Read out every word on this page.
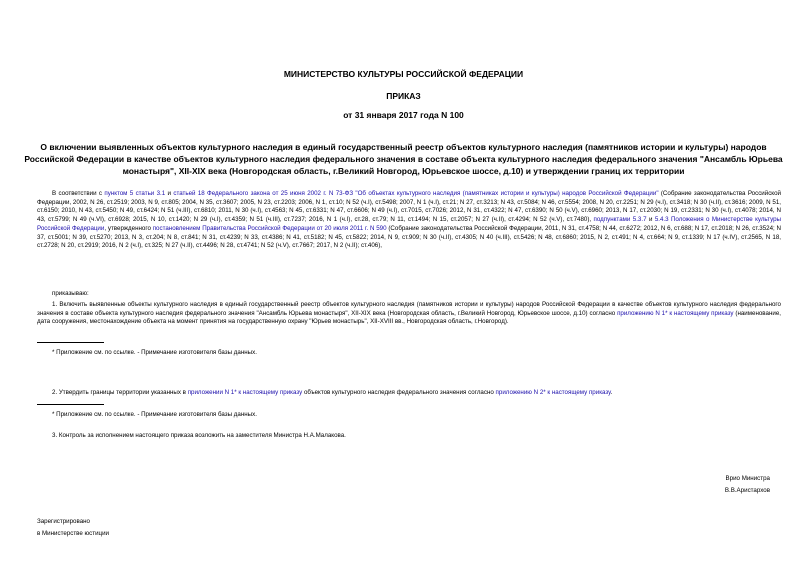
МИНИСТЕРСТВО КУЛЬТУРЫ РОССИЙСКОЙ ФЕДЕРАЦИИ
ПРИКАЗ
от 31 января 2017 года N 100
О включении выявленных объектов культурного наследия в единый государственный реестр объектов культурного наследия (памятников истории и культуры) народов Российской Федерации в качестве объектов культурного наследия федерального значения в составе объекта культурного наследия федерального значения "Ансамбль Юрьева монастыря", XII-XIX века (Новгородская область, г.Великий Новгород, Юрьевское шоссе, д.10) и утверждении границ их территории
В соответствии с пунктом 5 статьи 3.1 и статьей 18 Федерального закона от 25 июня 2002 г. N 73-ФЗ "Об объектах культурного наследия (памятниках истории и культуры) народов Российской Федерации" (Собрание законодательства Российской Федерации, 2002, N 26, ст.2519; 2003, N 9, ст.805; 2004, N 35, ст.3607; 2005, N 23, ст.2203; 2006, N 1, ст.10; N 52 (ч.I), ст.5498; 2007, N 1 (ч.I), ст.21; N 27, ст.3213; N 43, ст.5084; N 46, ст.5554; 2008, N 20, ст.2251; N 29 (ч.I), ст.3418; N 30 (ч.II), ст.3616; 2009, N 51, ст.6150; 2010, N 43, ст.5450; N 49, ст.6424; N 51 (ч.III), ст.6810; 2011, N 30 (ч.I), ст.4563; N 45, ст.6331; N 47, ст.6606; N 49 (ч.I), ст.7015, ст.7026; 2012, N 31, ст.4322; N 47, ст.6390; N 50 (ч.V), ст.6960; 2013, N 17, ст.2030; N 19, ст.2331; N 30 (ч.I), ст.4078; 2014, N 43, ст.5799; N 49 (ч.VI), ст.6928; 2015, N 10, ст.1420; N 29 (ч.I), ст.4359; N 51 (ч.III), ст.7237; 2016, N 1 (ч.I), ст.28, ст.79; N 11, ст.1494; N 15, ст.2057; N 27 (ч.II), ст.4294; N 52 (ч.V), ст.7480), подпунктами 5.3.7 и 5.4.3 Положения о Министерстве культуры Российской Федерации, утвержденного постановлением Правительства Российской Федерации от 20 июля 2011 г. N 590 (Собрание законодательства Российской Федерации, 2011, N 31, ст.4758; N 44, ст.6272; 2012, N 6, ст.688; N 17, ст.2018; N 26, ст.3524; N 37, ст.5001; N 39, ст.5270; 2013, N 3, ст.204; N 8, ст.841; N 31, ст.4239; N 33, ст.4386; N 41, ст.5182; N 45, ст.5822; 2014, N 9, ст.909; N 30 (ч.II), ст.4305; N 40 (ч.III), ст.5426; N 48, ст.6860; 2015, N 2, ст.491; N 4, ст.664; N 9, ст.1339; N 17 (ч.IV), ст.2565, N 18, ст.2728; N 20, ст.2919; 2016, N 2 (ч.I), ст.325; N 27 (ч.II), ст.4496; N 28, ст.4741; N 52 (ч.V), ст.7667; 2017, N 2 (ч.II); ст.406),
приказываю:
1. Включить выявленные объекты культурного наследия в единый государственный реестр объектов культурного наследия (памятников истории и культуры) народов Российской Федерации в качестве объектов культурного наследия федерального значения в составе объекта культурного наследия федерального значения "Ансамбль Юрьева монастыря", XII-XIX века (Новгородская область, г.Великий Новгород, Юрьевское шоссе, д.10) согласно приложению N 1* к настоящему приказу (наименование, дата сооружения, местонахождение объекта на момент принятия на государственную охрану "Юрьев монастырь", XII-XVIII вв., Новгородская область, г.Новгород).
* Приложение см. по ссылке. - Примечание изготовителя базы данных.
2. Утвердить границы территории указанных в приложении N 1* к настоящему приказу объектов культурного наследия федерального значения согласно приложению N 2* к настоящему приказу.
* Приложение см. по ссылке. - Примечание изготовителя базы данных.
3. Контроль за исполнением настоящего приказа возложить на заместителя Министра Н.А.Малакова.
Врио Министра
В.В.Аристархов
Зарегистрировано
в Министерстве юстиции
